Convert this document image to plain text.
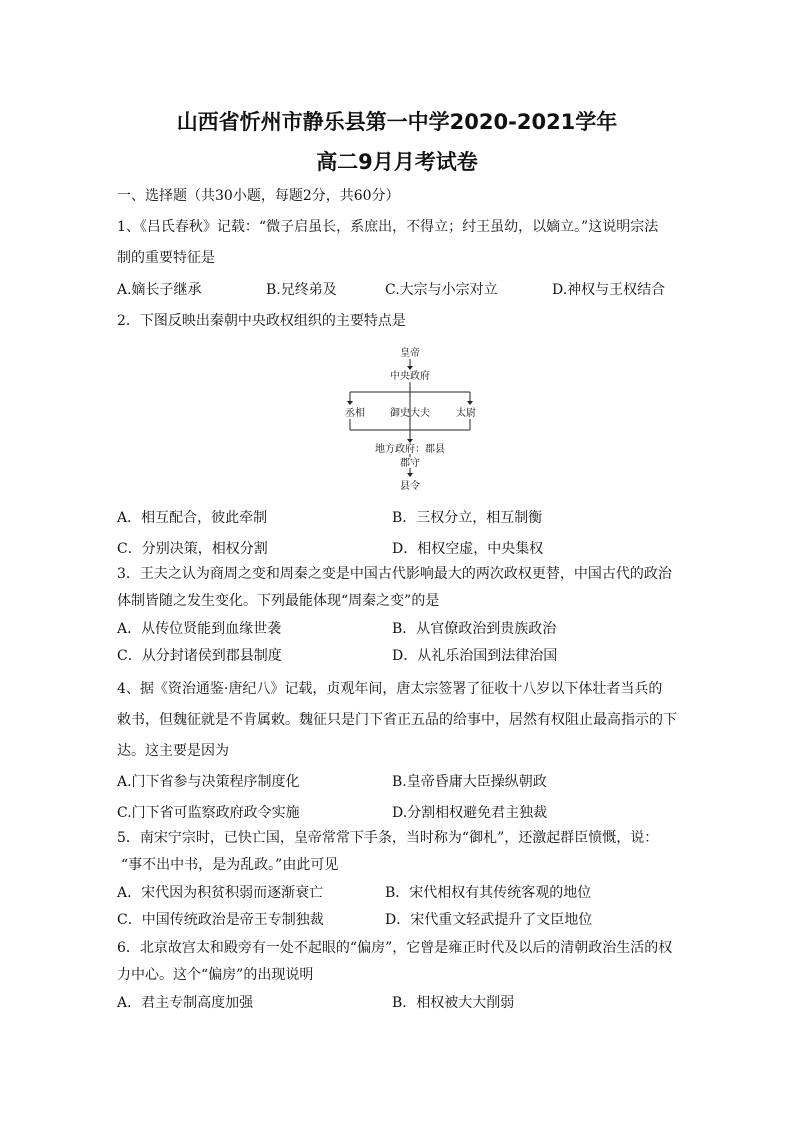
山西省忻州市静乐县第一中学2020-2021学年
高二9月月考试卷
一、选择题（共30小题，每题2分，共60分）
1、《吕氏春秋》记载：“微子启虽长，系庶出，不得立；纣王虽幼，以嫡立。”这说明宗法
制的重要特征是
A.嫡长子继承	B.兄终弟及	C.大宗与小宗对立	D.神权与王权结合
2．下图反映出秦朝中央政权组织的主要特点是
皇帝
中央政府
丞相	御史大夫	太尉
地方政府：郡县
郡守
县令
A．相互配合，彼此牵制	B．三权分立，相互制衡
C．分别决策，相权分割	D．相权空虚，中央集权
3．王夫之认为商周之变和周秦之变是中国古代影响最大的两次政权更替，中国古代的政治
体制皆随之发生变化。下列最能体现“周秦之变”的是
A．从传位贤能到血缘世袭	B．从官僚政治到贵族政治
C．从分封诸侯到郡县制度	D．从礼乐治国到法律治国
4、据《资治通鉴·唐纪八》记载，贞观年间，唐太宗签署了征收十八岁以下体壮者当兵的
敕书，但魏征就是不肯属敕。魏征只是门下省正五品的给事中，居然有权阻止最高指示的下
达。这主要是因为
A.门下省参与决策程序制度化	B.皇帝昏庸大臣操纵朝政
C.门下省可监察政府政令实施	D.分割相权避免君主独裁
5．南宋宁宗时，已快亡国，皇帝常常下手条，当时称为“御札”，还激起群臣愤慨，说：
“事不出中书，是为乱政。”由此可见
A．宋代因为积贫积弱而逐渐衰亡	B．宋代相权有其传统客观的地位
C．中国传统政治是帝王专制独裁	D．宋代重文轻武提升了文臣地位
6．北京故宫太和殿旁有一处不起眼的“偏房”，它曾是雍正时代及以后的清朝政治生活的权
力中心。这个“偏房”的出现说明
A．君主专制高度加强	B．相权被大大削弱
